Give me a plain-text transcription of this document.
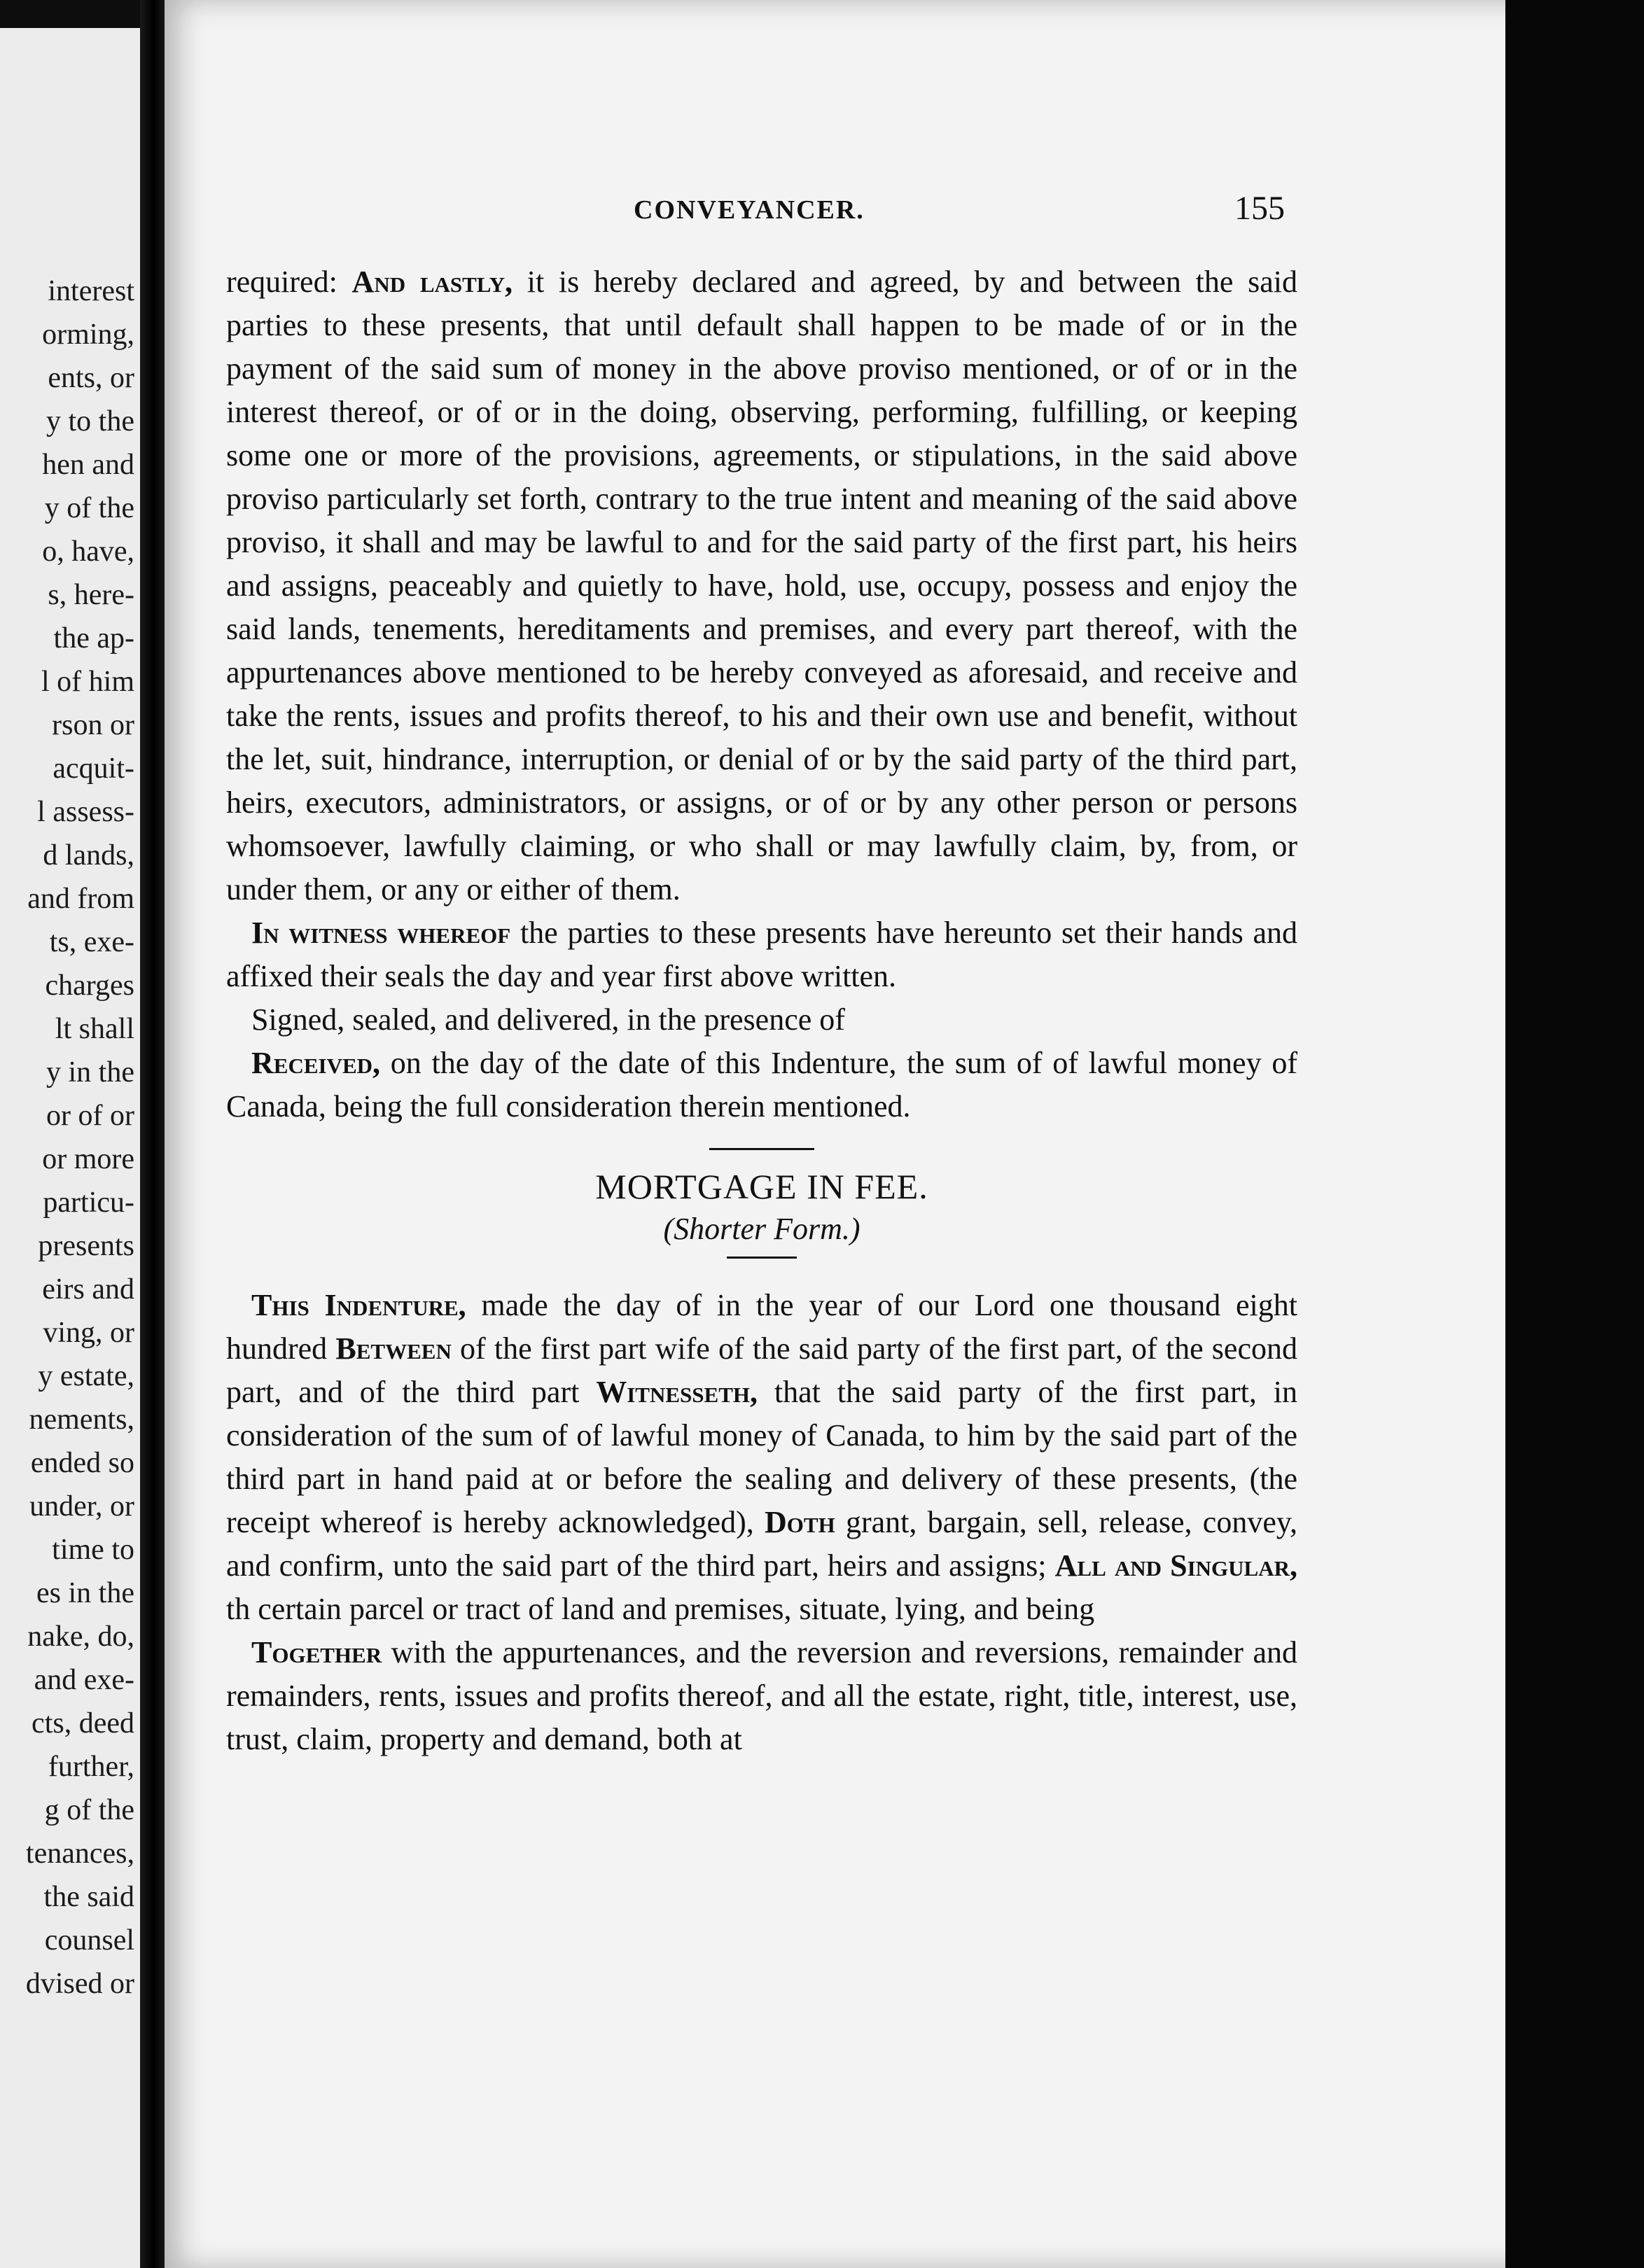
interest
orming,
ents, or
y to the
hen and
y of the
o, have,
s, here-
the ap-
l of him
rson or
acquit-
l assess-
d lands,
and from
ts, exe-
charges
lt shall
y in the
or of or
or more
particu-
presents
eirs and
ving, or
y estate,
nements,
ended so
under, or
time to
es in the
nake, do,
and exe-
cts, deed
further,
g of the
tenances,
the said
counsel
dvised or
CONVEYANCER.	155

required: And lastly, it is hereby declared and agreed, by and between the said parties to these presents, that until default shall happen to be made of or in the payment of the said sum of money in the above proviso mentioned, or of or in the interest thereof, or of or in the doing, observing, performing, fulfilling, or keeping some one or more of the provisions, agreements, or stipulations, in the said above proviso particularly set forth, contrary to the true intent and meaning of the said above proviso, it shall and may be lawful to and for the said party of the first part, his heirs and assigns, peaceably and quietly to have, hold, use, occupy, possess and enjoy the said lands, tenements, hereditaments and premises, and every part thereof, with the appurtenances above mentioned to be hereby conveyed as aforesaid, and receive and take the rents, issues and profits thereof, to his and their own use and benefit, without the let, suit, hindrance, interruption, or denial of or by the said party of the third part, heirs, executors, administrators, or assigns, or of or by any other person or persons whomsoever, lawfully claiming, or who shall or may lawfully claim, by, from, or under them, or any or either of them.

In witness whereof the parties to these presents have hereunto set their hands and affixed their seals the day and year first above written.

Signed, sealed, and delivered, in the presence of

Received, on the day of the date of this Indenture, the sum of of lawful money of Canada, being the full consideration therein mentioned.

MORTGAGE IN FEE.
(Shorter Form.)

This Indenture, made the day of in the year of our Lord one thousand eight hundred Between of the first part wife of the said party of the first part, of the second part, and of the third part Witnesseth, that the said party of the first part, in consideration of the sum of of lawful money of Canada, to him by the said part of the third part in hand paid at or before the sealing and delivery of these presents, (the receipt whereof is hereby acknowledged), Doth grant, bargain, sell, release, convey, and confirm, unto the said part of the third part, heirs and assigns; All and Singular, th certain parcel or tract of land and premises, situate, lying, and being

Together with the appurtenances, and the reversion and reversions, remainder and remainders, rents, issues and profits thereof, and all the estate, right, title, interest, use, trust, claim, property and demand, both at
